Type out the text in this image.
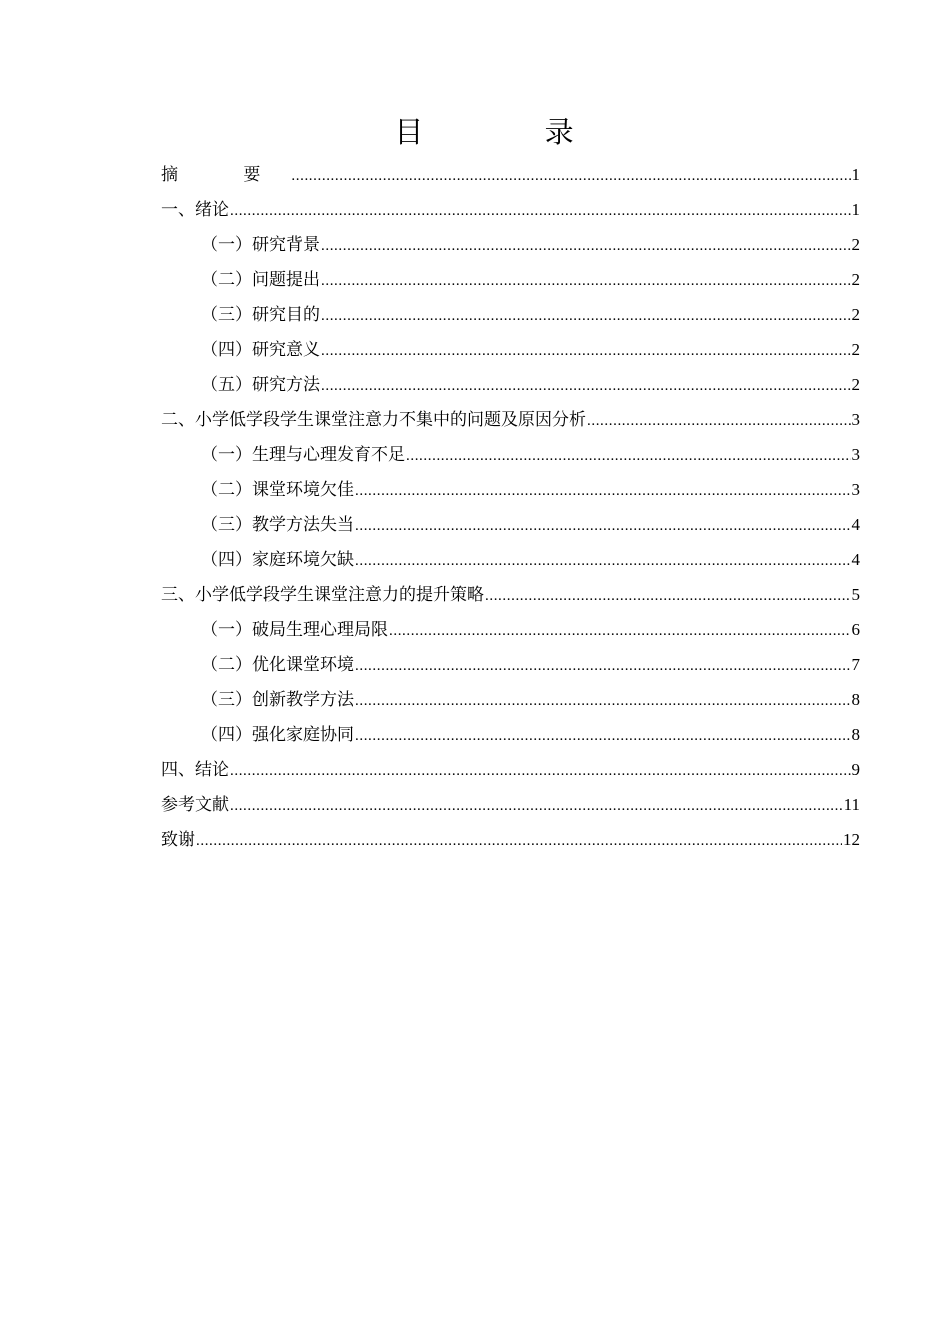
目 录
摘 要 .....	1
一、绪论 .....	1
（一）研究背景 .....	2
（二）问题提出 .....	2
（三）研究目的 .....	2
（四）研究意义 .....	2
（五）研究方法 .....	2
二、小学低学段学生课堂注意力不集中的问题及原因分析 .....	3
（一）生理与心理发育不足 .....	3
（二）课堂环境欠佳 .....	3
（三）教学方法失当 .....	4
（四）家庭环境欠缺 .....	4
三、小学低学段学生课堂注意力的提升策略 .....	5
（一）破局生理心理局限 .....	6
（二）优化课堂环境 .....	7
（三）创新教学方法 .....	8
（四）强化家庭协同 .....	8
四、结论 .....	9
参考文献 .....	11
致谢 .....	12
